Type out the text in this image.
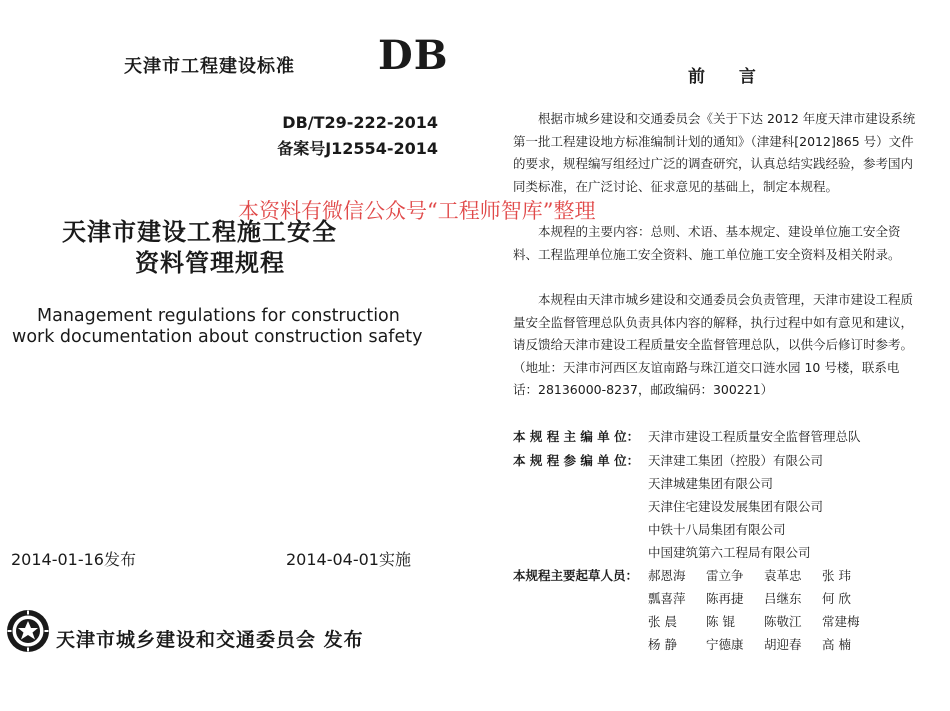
天津市工程建设标准 DB
DB/T29-222-2014
备案号J12554-2014
天津市建设工程施工安全
资料管理规程
Management regulations for construction
work documentation about construction safety
2014-01-16发布	2014-04-01实施
天津市城乡建设和交通委员会 发布
本资料有微信公众号“工程师智库”整理
前 言
根据市城乡建设和交通委员会《关于下达 2012 年度天津市建设系统第一批工程建设地方标准编制计划的通知》（津建科[2012]865 号）文件的要求，规程编写组经过广泛的调查研究，认真总结实践经验，参考国内同类标准，在广泛讨论、征求意见的基础上，制定本规程。
本规程的主要内容：总则、术语、基本规定、建设单位施工安全资料、工程监理单位施工安全资料、施工单位施工安全资料及相关附录。
本规程由天津市城乡建设和交通委员会负责管理，天津市建设工程质量安全监督管理总队负责具体内容的解释，执行过程中如有意见和建议，请反馈给天津市建设工程质量安全监督管理总队，以供今后修订时参考。（地址：天津市河西区友谊南路与珠江道交口涟水园 10 号楼，联系电话：28136000-8237，邮政编码：300221）
本 规 程 主 编 单 位： 天津市建设工程质量安全监督管理总队
本 规 程 参 编 单 位： 天津建工集团（控股）有限公司
天津城建集团有限公司
天津住宅建设发展集团有限公司
中铁十八局集团有限公司
中国建筑第六工程局有限公司
本规程主要起草人员： 郝恩海 雷立争 袁革忠 张 玮
瓢喜萍 陈再捷 吕继东 何 欣
张 晨 陈 锟 陈敬江 常建梅
杨 静 宁德康 胡迎春 高 楠
